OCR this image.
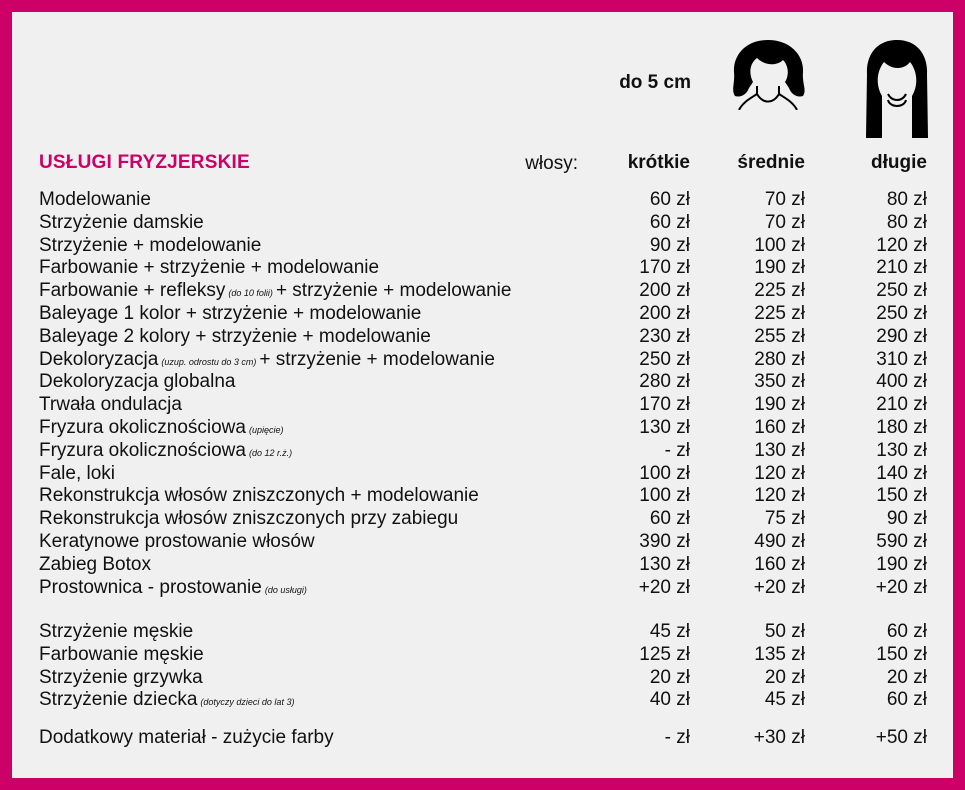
do 5 cm
USŁUGI FRYZJERSKIE	włosy:	krótkie	średnie	długie
Modelowanie	60 zł	70 zł	80 zł
Strzyżenie damskie	60 zł	70 zł	80 zł
Strzyżenie + modelowanie	90 zł	100 zł	120 zł
Farbowanie + strzyżenie + modelowanie	170 zł	190 zł	210 zł
Farbowanie + refleksy (do 10 folii) + strzyżenie + modelowanie	200 zł	225 zł	250 zł
Baleyage 1 kolor + strzyżenie + modelowanie	200 zł	225 zł	250 zł
Baleyage 2 kolory + strzyżenie + modelowanie	230 zł	255 zł	290 zł
Dekoloryzacja (uzup. odrostu do 3 cm) + strzyżenie + modelowanie	250 zł	280 zł	310 zł
Dekoloryzacja globalna	280 zł	350 zł	400 zł
Trwała ondulacja	170 zł	190 zł	210 zł
Fryzura okolicznościowa (upięcie)	130 zł	160 zł	180 zł
Fryzura okolicznościowa (do 12 r.ż.)	- zł	130 zł	130 zł
Fale, loki	100 zł	120 zł	140 zł
Rekonstrukcja włosów zniszczonych + modelowanie	100 zł	120 zł	150 zł
Rekonstrukcja włosów zniszczonych przy zabiegu	60 zł	75 zł	90 zł
Keratynowe prostowanie włosów	390 zł	490 zł	590 zł
Zabieg Botox	130 zł	160 zł	190 zł
Prostownica - prostowanie (do usługi)	+20 zł	+20 zł	+20 zł
Strzyżenie męskie	45 zł	50 zł	60 zł
Farbowanie męskie	125 zł	135 zł	150 zł
Strzyżenie grzywka	20 zł	20 zł	20 zł
Strzyżenie dziecka (dotyczy dzieci do lat 3)	40 zł	45 zł	60 zł
Dodatkowy materiał - zużycie farby	- zł	+30 zł	+50 zł
